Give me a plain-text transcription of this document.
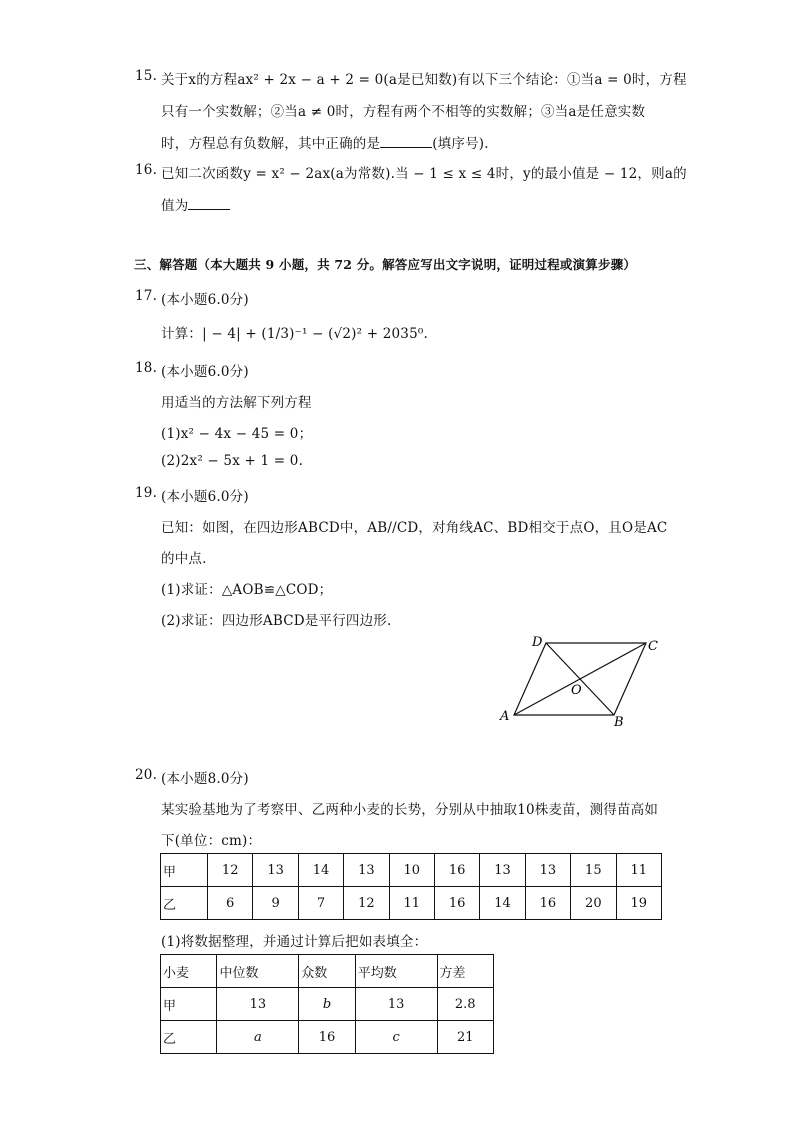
15. 关于x的方程ax² + 2x − a + 2 = 0(a是已知数)有以下三个结论：①当a = 0时，方程
只有一个实数解；②当a ≠ 0时，方程有两个不相等的实数解；③当a是任意实数
时，方程总有负数解，其中正确的是	(填序号).
16. 已知二次函数y = x² − 2ax(a为常数).当 − 1 ≤ x ≤ 4时，y的最小值是 − 12，则a的
值为
三、解答题（本大题共 9 小题，共 72 分。解答应写出文字说明，证明过程或演算步骤）
17. (本小题6.0分)
计算：| − 4| + (1/3)⁻¹ − (√2)² + 2035⁰.
18. (本小题6.0分)
用适当的方法解下列方程
(1)x² − 4x − 45 = 0；
(2)2x² − 5x + 1 = 0.
19. (本小题6.0分)
已知：如图，在四边形ABCD中，AB//CD，对角线AC、BD相交于点O，且O是AC
的中点.
(1)求证：△AOB≌△COD；
(2)求证：四边形ABCD是平行四边形.
D	C
O
A	B
20. (本小题8.0分)
某实验基地为了考察甲、乙两种小麦的长势，分别从中抽取10株麦苗，测得苗高如
下(单位：cm)：
甲	12	13	14	13	10	16	13	13	15	11
乙	6	9	7	12	11	16	14	16	20	19
(1)将数据整理，并通过计算后把如表填全：
小麦	中位数	众数	平均数	方差
甲	13	b	13	2.8
乙	a	16	c	21
